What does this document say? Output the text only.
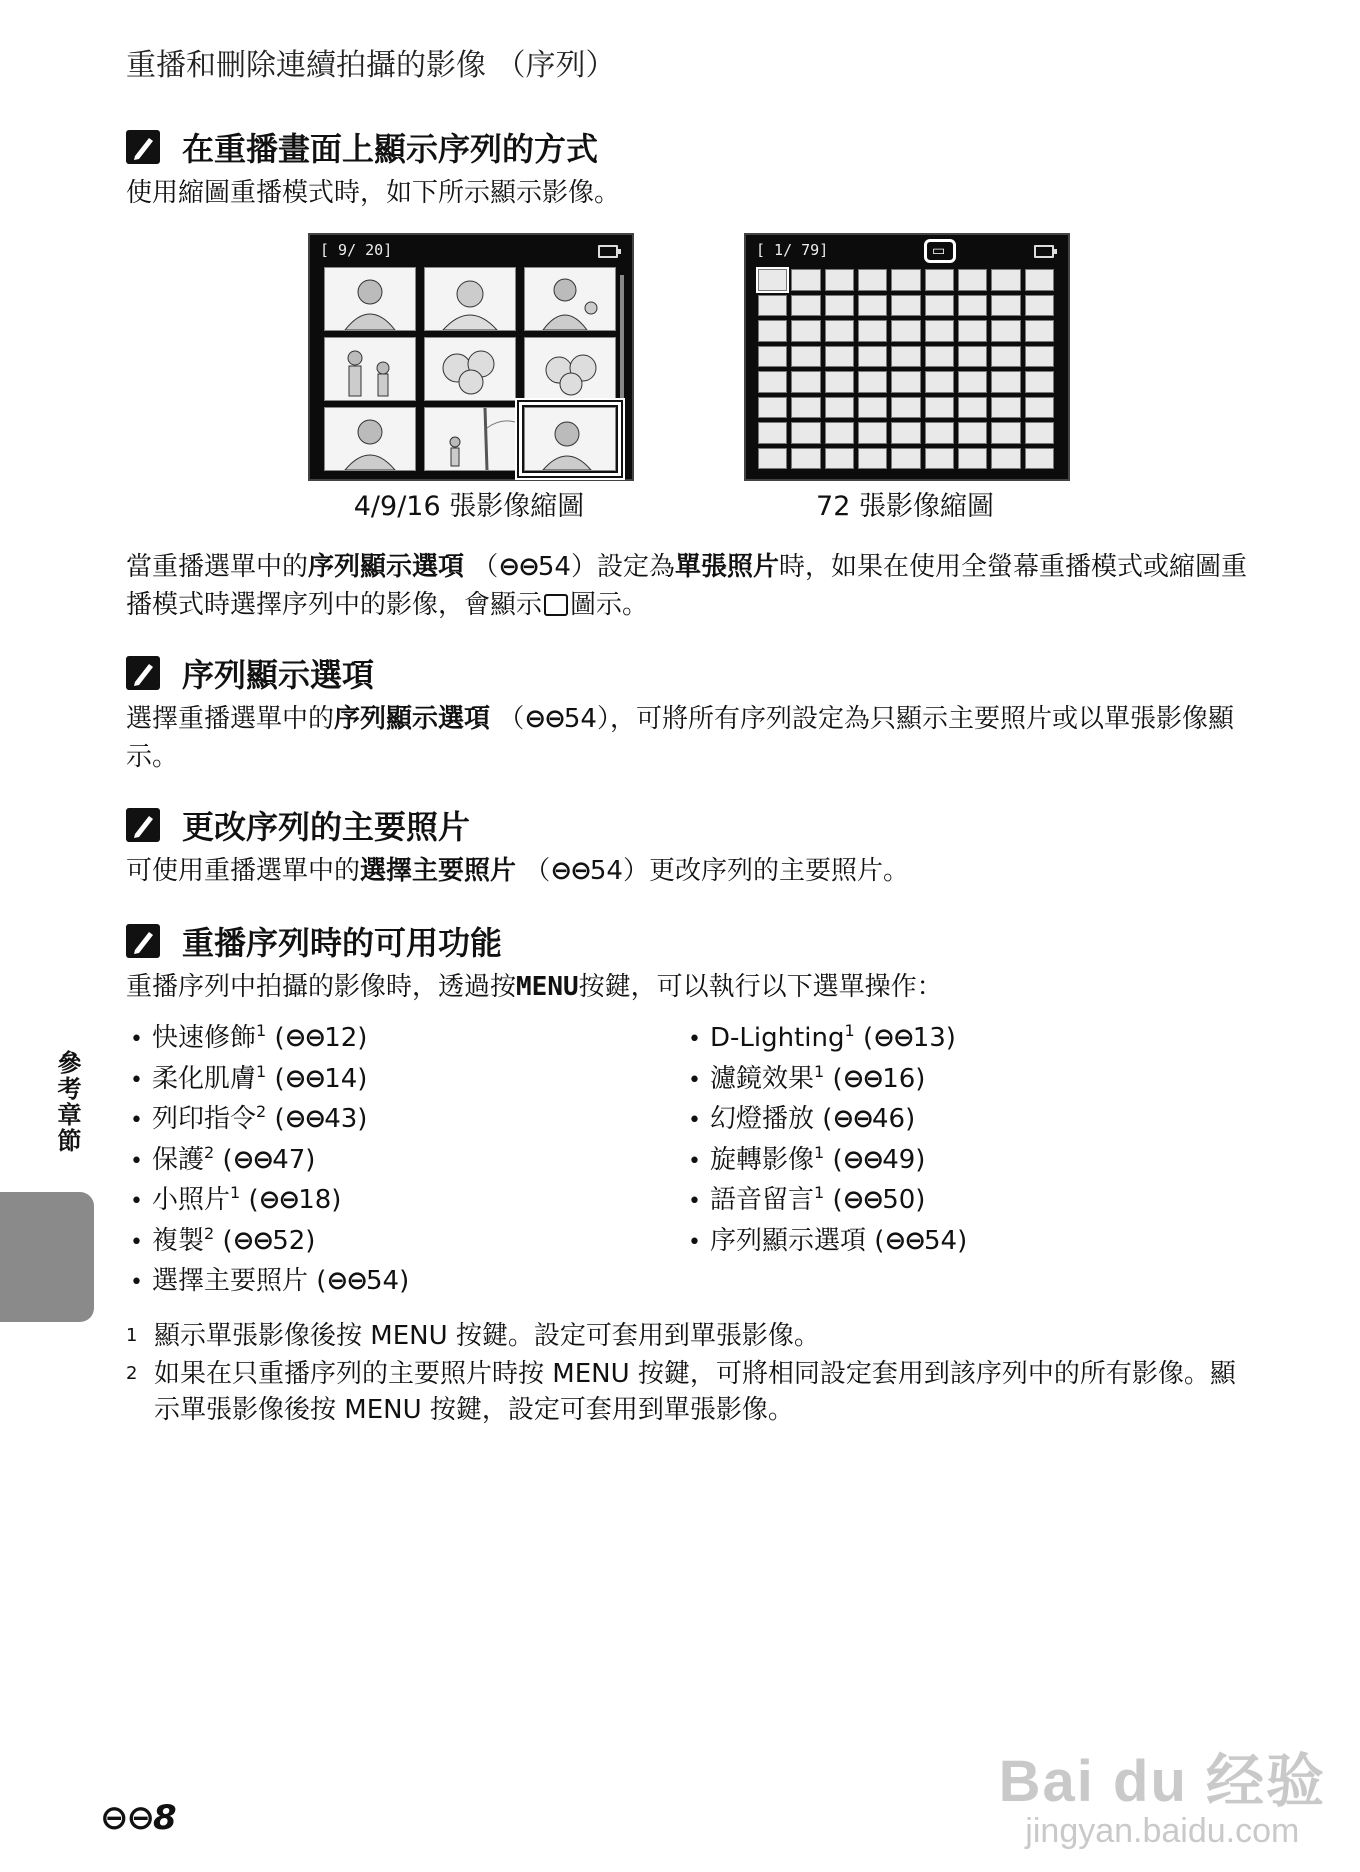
重播和刪除連續拍攝的影像 （序列）
在重播畫面上顯示序列的方式
使用縮圖重播模式時，如下所示顯示影像。
[ 9/ 20]
4/9/16 張影像縮圖
[ 1/ 79]	▭
72 張影像縮圖
當重播選單中的序列顯示選項 （⊖⊖54）設定為單張照片時，如果在使用全螢幕重播模式或縮圖重播模式時選擇序列中的影像，會顯示 圖示。
序列顯示選項
選擇重播選單中的序列顯示選項 （⊖⊖54），可將所有序列設定為只顯示主要照片或以單張影像顯示。
更改序列的主要照片
可使用重播選單中的選擇主要照片 （⊖⊖54）更改序列的主要照片。
重播序列時的可用功能
重播序列中拍攝的影像時，透過按MENU按鍵，可以執行以下選單操作：
• 快速修飾$^1$ (⊖⊖12)
• 柔化肌膚$^1$ (⊖⊖14)
• 列印指令$^2$ (⊖⊖43)
• 保護$^2$ (⊖⊖47)
• 小照片$^1$ (⊖⊖18)
• 複製$^2$ (⊖⊖52)
• 選擇主要照片 (⊖⊖54)
• D-Lighting$^1$ (⊖⊖13)
• 濾鏡效果$^1$ (⊖⊖16)
• 幻燈播放 (⊖⊖46)
• 旋轉影像$^1$ (⊖⊖49)
• 語音留言$^1$ (⊖⊖50)
• 序列顯示選項 (⊖⊖54)
1 顯示單張影像後按 MENU 按鍵。設定可套用到單張影像。
2 如果在只重播序列的主要照片時按 MENU 按鍵，可將相同設定套用到該序列中的所有影像。顯示單張影像後按 MENU 按鍵，設定可套用到單張影像。
參考章節
⊖⊖8
Bai du 经验
jingyan.baidu.com
